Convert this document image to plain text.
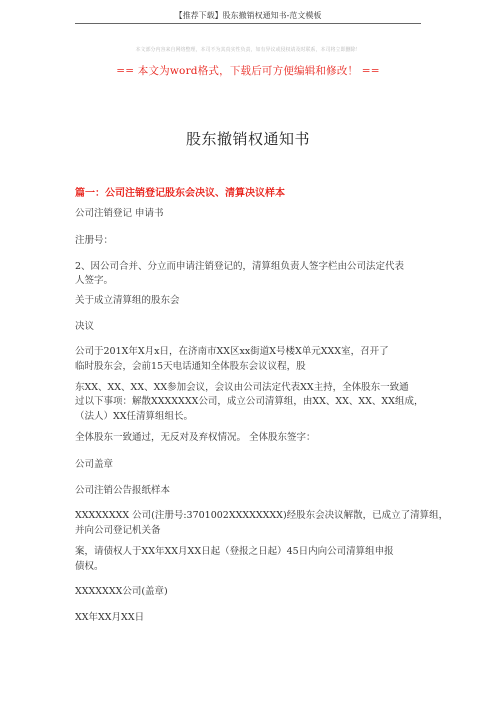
【推荐下载】股东撤销权通知书-范文模板
本文部分内容来自网络整理，本司不为其真实性负责，如有异议或侵权请及时联系，本司将立即删除！
== 本文为word格式，下载后可方便编辑和修改！ ==
股东撤销权通知书
篇一：公司注销登记股东会决议、清算决议样本
公司注销登记 申请书
注册号：
2、因公司合并、分立而申请注销登记的，清算组负责人签字栏由公司法定代表
人签字。
关于成立清算组的股东会
决议
公司于201X年X月x日，在济南市XX区xx街道X号楼X单元XXX室，召开了
临时股东会，会前15天电话通知全体股东会议议程，股
东XX、XX、XX、XX参加会议，会议由公司法定代表XX主持，全体股东一致通
过以下事项：解散XXXXXXX公司，成立公司清算组，由XX、XX、XX、XX组成，
（法人）XX任清算组组长。
全体股东一致通过，无反对及弃权情况。 全体股东签字：
公司盖章
公司注销公告报纸样本
XXXXXXXX 公司(注册号:3701002XXXXXXXX)经股东会决议解散，已成立了清算组，
并向公司登记机关备
案，请债权人于XX年XX月XX日起（登报之日起）45日内向公司清算组申报
债权。
XXXXXXX公司(盖章)
XX年XX月XX日
